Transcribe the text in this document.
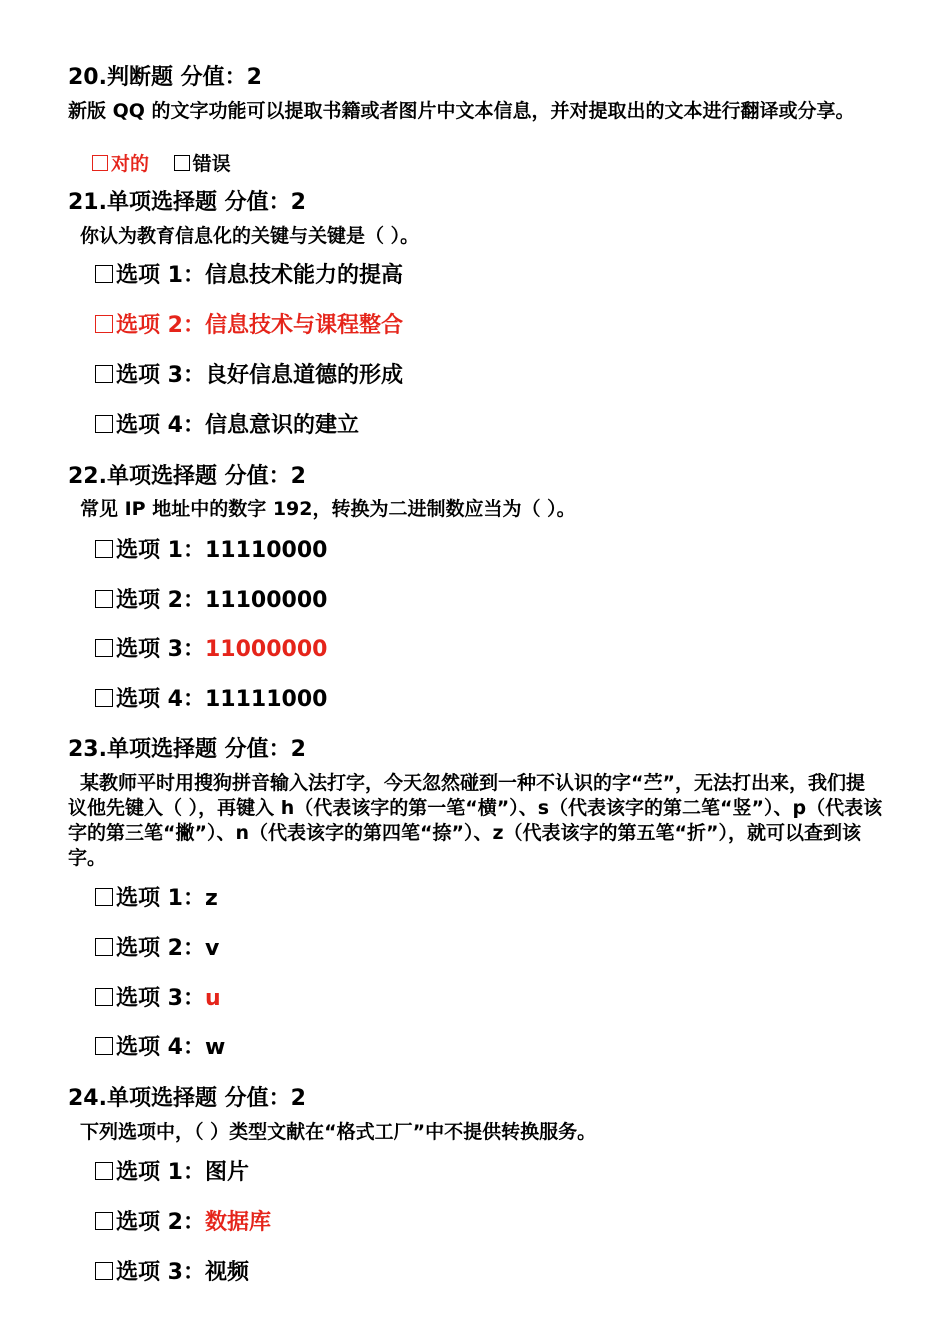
20.判断题 分值：2
新版 QQ 的文字功能可以提取书籍或者图片中文本信息，并对提取出的文本进行翻译或分享。
对的 错误
21.单项选择题 分值：2
你认为教育信息化的关键与关键是（ ）。
选项 1：信息技术能力的提高
选项 2：信息技术与课程整合
选项 3：良好信息道德的形成
选项 4：信息意识的建立
22.单项选择题 分值：2
常见 IP 地址中的数字 192，转换为二进制数应当为（ ）。
选项 1：11110000
选项 2：11100000
选项 3：11000000
选项 4：11111000
23.单项选择题 分值：2
某教师平时用搜狗拼音输入法打字，今天忽然碰到一种不认识的字“苎”，无法打出来，我们提议他先键入（ ），再键入 h（代表该字的第一笔“横”）、s（代表该字的第二笔“竖”）、p（代表该字的第三笔“撇”）、n（代表该字的第四笔“捺”）、z（代表该字的第五笔“折”），就可以查到该字。
选项 1：z
选项 2：v
选项 3：u
选项 4：w
24.单项选择题 分值：2
下列选项中，（ ）类型文献在“格式工厂”中不提供转换服务。
选项 1：图片
选项 2：数据库
选项 3：视频
